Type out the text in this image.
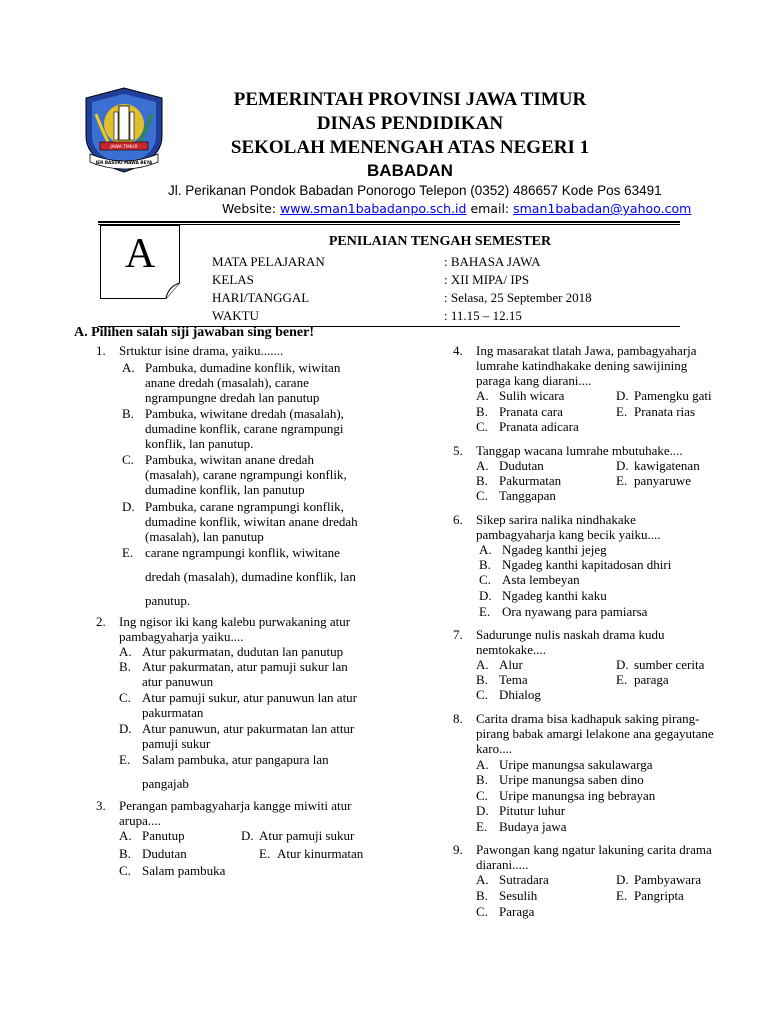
JAWA TIMUR
JER BASUKI MAWA BEYA
PEMERINTAH PROVINSI JAWA TIMUR
DINAS PENDIDIKAN
SEKOLAH MENENGAH ATAS NEGERI 1
BABADAN
Jl. Perikanan Pondok Babadan Ponorogo Telepon (0352) 486657 Kode Pos 63491
Website: www.sman1babadanpo.sch.id email: sman1babadan@yahoo.com
A	PENILAIAN TENGAH SEMESTER
MATA PELAJARAN	: BAHASA JAWA
KELAS	: XII MIPA/ IPS
HARI/TANGGAL	: Selasa, 25 September 2018
WAKTU	: 11.15 – 12.15
A. Pilihen salah siji jawaban sing bener!
1. Srtuktur isine drama, yaiku.......
A. Pambuka, dumadine konflik, wiwitan
anane dredah (masalah), carane
ngrampungne dredah lan panutup
B. Pambuka, wiwitane dredah (masalah),
dumadine konflik, carane ngrampungi
konflik, lan panutup.
C. Pambuka, wiwitan anane dredah
(masalah), carane ngrampungi konflik,
dumadine konflik, lan panutup
D. Pambuka, carane ngrampungi konflik,
dumadine konflik, wiwitan anane dredah
(masalah), lan panutup
E. carane ngrampungi konflik, wiwitane
dredah (masalah), dumadine konflik, lan
panutup.
2. Ing ngisor iki kang kalebu purwakaning atur
pambagyaharja yaiku....
A. Atur pakurmatan, dudutan lan panutup
B. Atur pakurmatan, atur pamuji sukur lan
atur panuwun
C. Atur pamuji sukur, atur panuwun lan atur
pakurmatan
D. Atur panuwun, atur pakurmatan lan attur
pamuji sukur
E. Salam pambuka, atur pangapura lan
pangajab
3. Perangan pambagyaharja kangge miwiti atur
arupa....
A. Panutup	D. Atur pamuji sukur
B. Dudutan	E. Atur kinurmatan
C. Salam pambuka
4. Ing masarakat tlatah Jawa, pambagyaharja
lumrahe katindhakake dening sawijining
paraga kang diarani....
A. Sulih wicara	D. Pamengku gati
B. Pranata cara	E. Pranata rias
C. Pranata adicara
5. Tanggap wacana lumrahe mbutuhake....
A. Dudutan	D. kawigatenan
B. Pakurmatan	E. panyaruwe
C. Tanggapan
6. Sikep sarira nalika nindhakake
pambagyaharja kang becik yaiku....
A. Ngadeg kanthi jejeg
B. Ngadeg kanthi kapitadosan dhiri
C. Asta lembeyan
D. Ngadeg kanthi kaku
E. Ora nyawang para pamiarsa
7. Sadurunge nulis naskah drama kudu
nemtokake....
A. Alur	D. sumber cerita
B. Tema	E. paraga
C. Dhialog
8. Carita drama bisa kadhapuk saking pirang-
pirang babak amargi lelakone ana gegayutane
karo....
A. Uripe manungsa sakulawarga
B. Uripe manungsa saben dino
C. Uripe manungsa ing bebrayan
D. Pitutur luhur
E. Budaya jawa
9. Pawongan kang ngatur lakuning carita drama
diarani.....
A. Sutradara	D. Pambyawara
B. Sesulih	E. Pangripta
C. Paraga
